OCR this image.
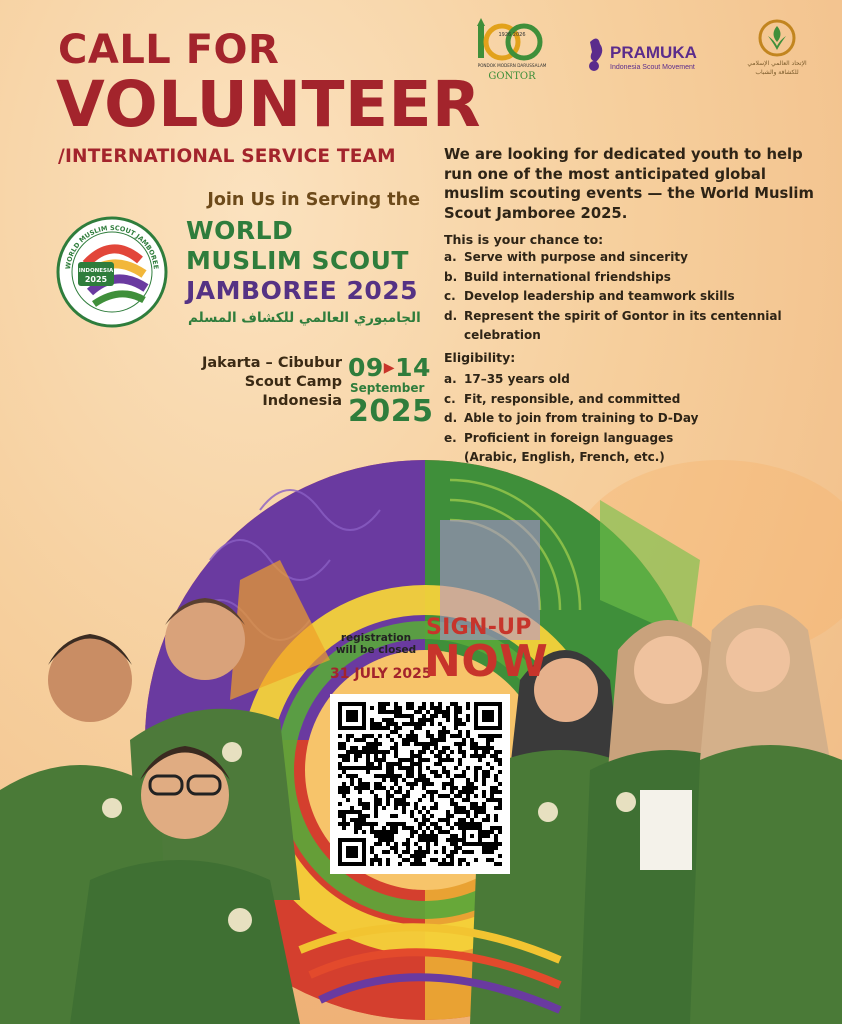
CALL FOR
VOLUNTEER
/INTERNATIONAL SERVICE TEAM
1926 2026
PONDOK MODERN DARUSSALAM
GONTOR
PRAMUKA
Indonesia Scout Movement
الإتحاد العالمي الإسلامي
للكشافة والشباب
INDONESIA
2025
WORLD MUSLIM SCOUT JAMBOREE
Join Us in Serving the
WORLD
MUSLIM SCOUT
JAMBOREE 2025
الجامبوري العالمي للكشاف المسلم
Jakarta – Cibubur
Scout Camp
Indonesia
09▶14
September
2025
We are looking for dedicated youth to help run one of the most anticipated global muslim scouting events — the World Muslim Scout Jamboree 2025.
This is your chance to:
a. Serve with purpose and sincerity
b. Build international friendships
c. Develop leadership and teamwork skills
d. Represent the spirit of Gontor in its centennial celebration
Eligibility:
a. 17–35 years old
c. Fit, responsible, and committed
d. Able to join from training to D-Day
e. Proficient in foreign languages (Arabic, English, French, etc.)
registration will be closed
31 JULY 2025
SIGN-UP
NOW
